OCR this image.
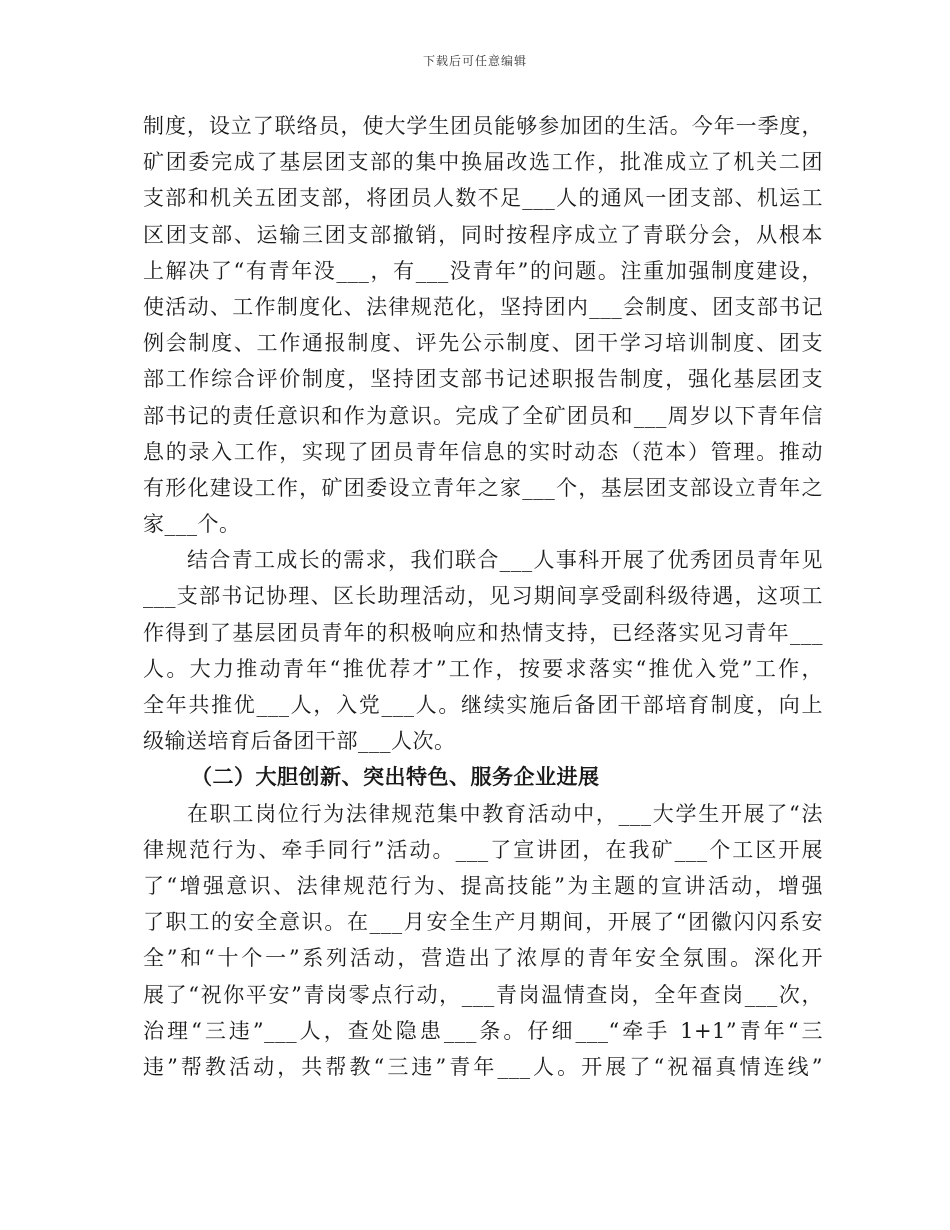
下载后可任意编辑
制度，设立了联络员，使大学生团员能够参加团的生活。今年一季度，
矿团委完成了基层团支部的集中换届改选工作，批准成立了机关二团
支部和机关五团支部，将团员人数不足___人的通风一团支部、机运工
区团支部、运输三团支部撤销，同时按程序成立了青联分会，从根本
上解决了“有青年没___，有___没青年”的问题。注重加强制度建设，
使活动、工作制度化、法律规范化，坚持团内___会制度、团支部书记
例会制度、工作通报制度、评先公示制度、团干学习培训制度、团支
部工作综合评价制度，坚持团支部书记述职报告制度，强化基层团支
部书记的责任意识和作为意识。完成了全矿团员和___周岁以下青年信
息的录入工作，实现了团员青年信息的实时动态（范本）管理。推动
有形化建设工作，矿团委设立青年之家___个，基层团支部设立青年之
家___个。
结合青工成长的需求，我们联合___人事科开展了优秀团员青年见
___支部书记协理、区长助理活动，见习期间享受副科级待遇，这项工
作得到了基层团员青年的积极响应和热情支持，已经落实见习青年___
人。大力推动青年“推优荐才”工作，按要求落实“推优入党”工作，
全年共推优___人，入党___人。继续实施后备团干部培育制度，向上
级输送培育后备团干部___人次。
（二）大胆创新、突出特色、服务企业进展
在职工岗位行为法律规范集中教育活动中，___大学生开展了“法
律规范行为、牵手同行”活动。___了宣讲团，在我矿___个工区开展
了“增强意识、法律规范行为、提高技能”为主题的宣讲活动，增强
了职工的安全意识。在___月安全生产月期间，开展了“团徽闪闪系安
全”和“十个一”系列活动，营造出了浓厚的青年安全氛围。深化开
展了“祝你平安”青岗零点行动，___青岗温情查岗，全年查岗___次，
治理“三违”___人，查处隐患___条。仔细___“牵手 1+1”青年“三
违”帮教活动，共帮教“三违”青年___人。开展了“祝福真情连线”
